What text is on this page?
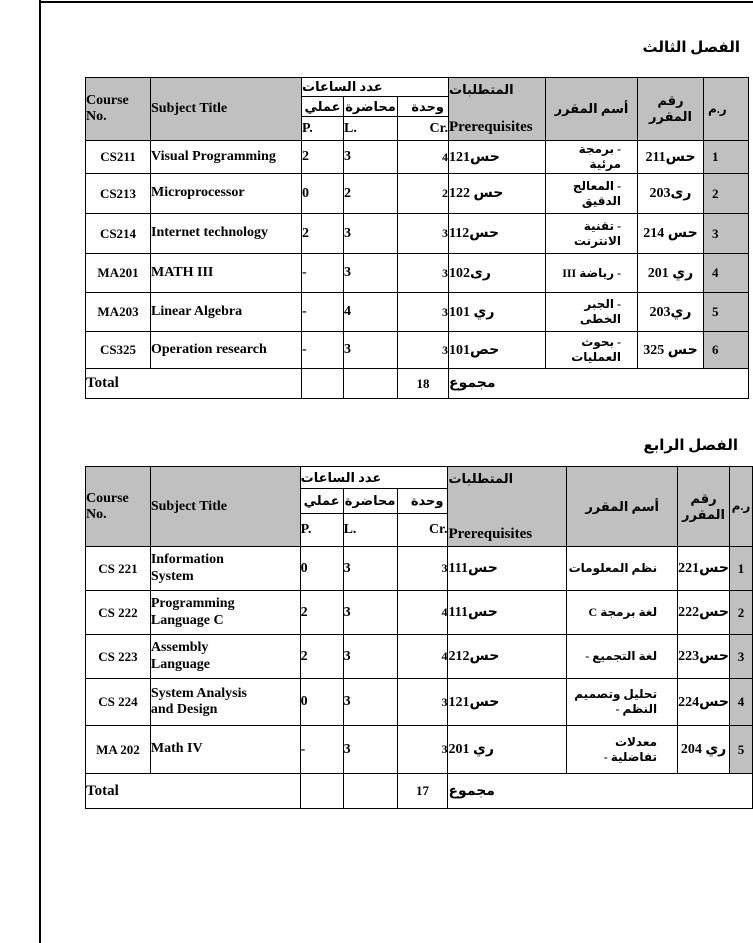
الفصل الثالث
Course No.	Subject Title	عدد الساعات			المتطلبات
Prerequisites	أسم المقرر	رقم المقرر	ر.م
		عملي	محاضرة	وحدة				
		P.	L.	Cr.				
CS211	Visual Programming	2	3	4	حس121	- برمجة مرئية	حس211	1
CS213	Microprocessor	0	2	2	حس 122	- المعالج الدقيق	رى203	2
CS214	Internet technology	2	3	3	حس112	- تقنية الانترنت	حس 214	3
MA201	MATH III	-	3	3	رى102	- رياضة III	ري 201	4
MA203	Linear Algebra	-	4	3	ري 101	- الجبر الخطى	ري203	5
CS325	Operation research	-	3	3	حص101	- بحوث العمليات	حس 325	6
Total				18	مجموع			
الفصل الرابع
Course No.	Subject Title	عدد الساعات			المتطلبات
Prerequisites	أسم المقرر	رقم المقرر	ر.م
		عملي	محاضرة	وحدة				
		P.	L.	Cr.				
CS 221	Information System	0	3	3	حس111	نظم المعلومات	حس221	1
CS 222	Programming Language C	2	3	4	حس111	لغة برمجة C	حس222	2
CS 223	Assembly Language	2	3	4	حس212	لغة التجميع -	حس223	3
CS 224	System Analysis and Design	0	3	3	حس121	تحليل وتصميم النظم -	حس224	4
MA 202	Math IV	-	3	3	ري 201	معدلات تفاضلية -	ري 204	5
Total				17	مجموع			
